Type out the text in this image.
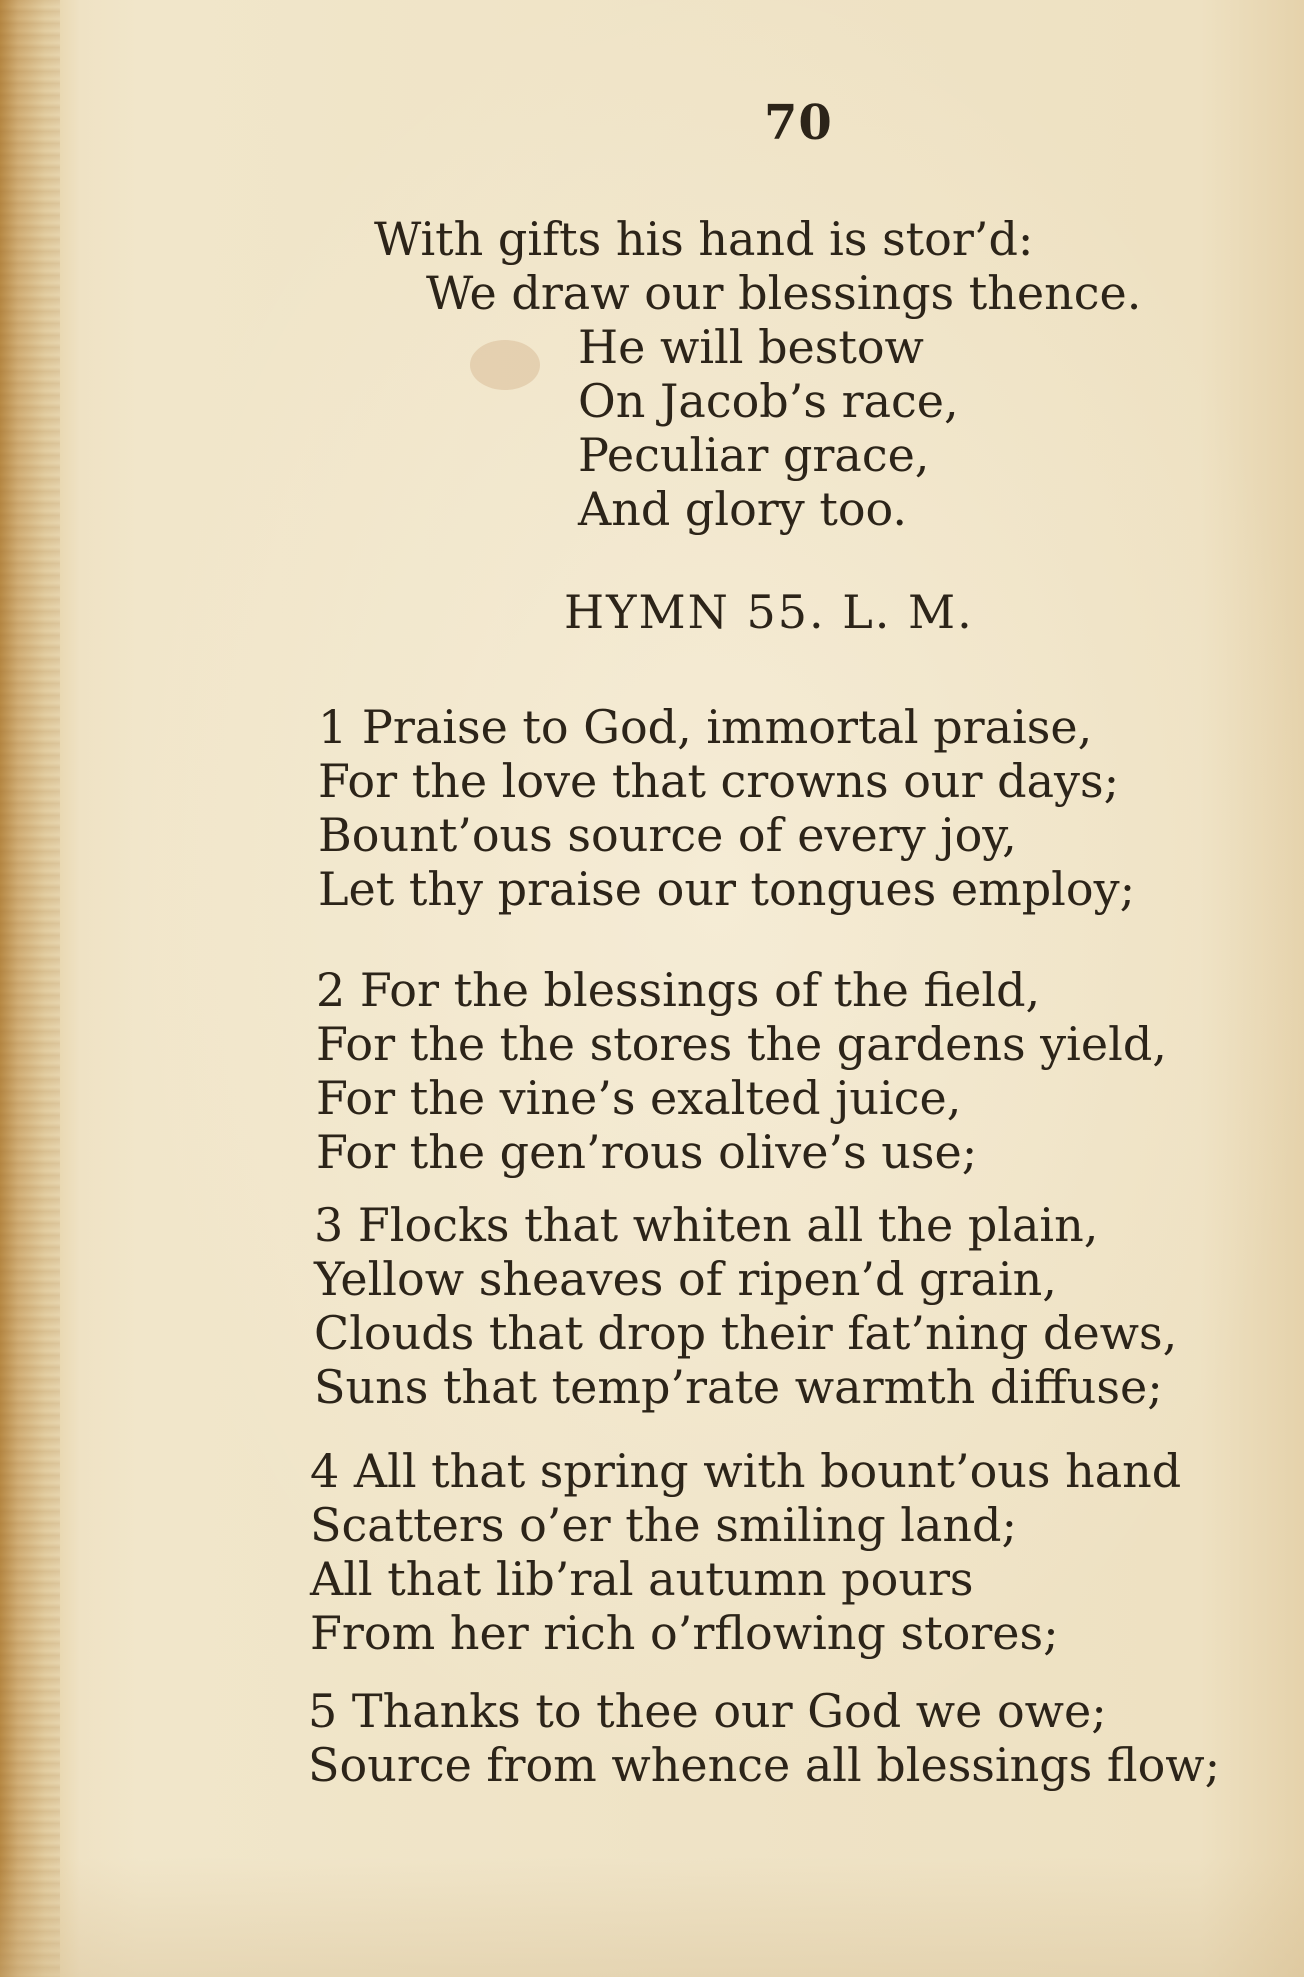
70
With gifts his hand is stor’d:
We draw our blessings thence.
He will bestow
On Jacob’s race,
Peculiar grace,
And glory too.
HYMN 55. L. M.
1 Praise to God, immortal praise,
For the love that crowns our days;
Bount’ous source of every joy,
Let thy praise our tongues employ;
2 For the blessings of the field,
For the the stores the gardens yield,
For the vine’s exalted juice,
For the gen’rous olive’s use;
3 Flocks that whiten all the plain,
Yellow sheaves of ripen’d grain,
Clouds that drop their fat’ning dews,
Suns that temp’rate warmth diffuse;
4 All that spring with bount’ous hand
Scatters o’er the smiling land;
All that lib’ral autumn pours
From her rich o’rflowing stores;
5 Thanks to thee our God we owe;
Source from whence all blessings flow;
